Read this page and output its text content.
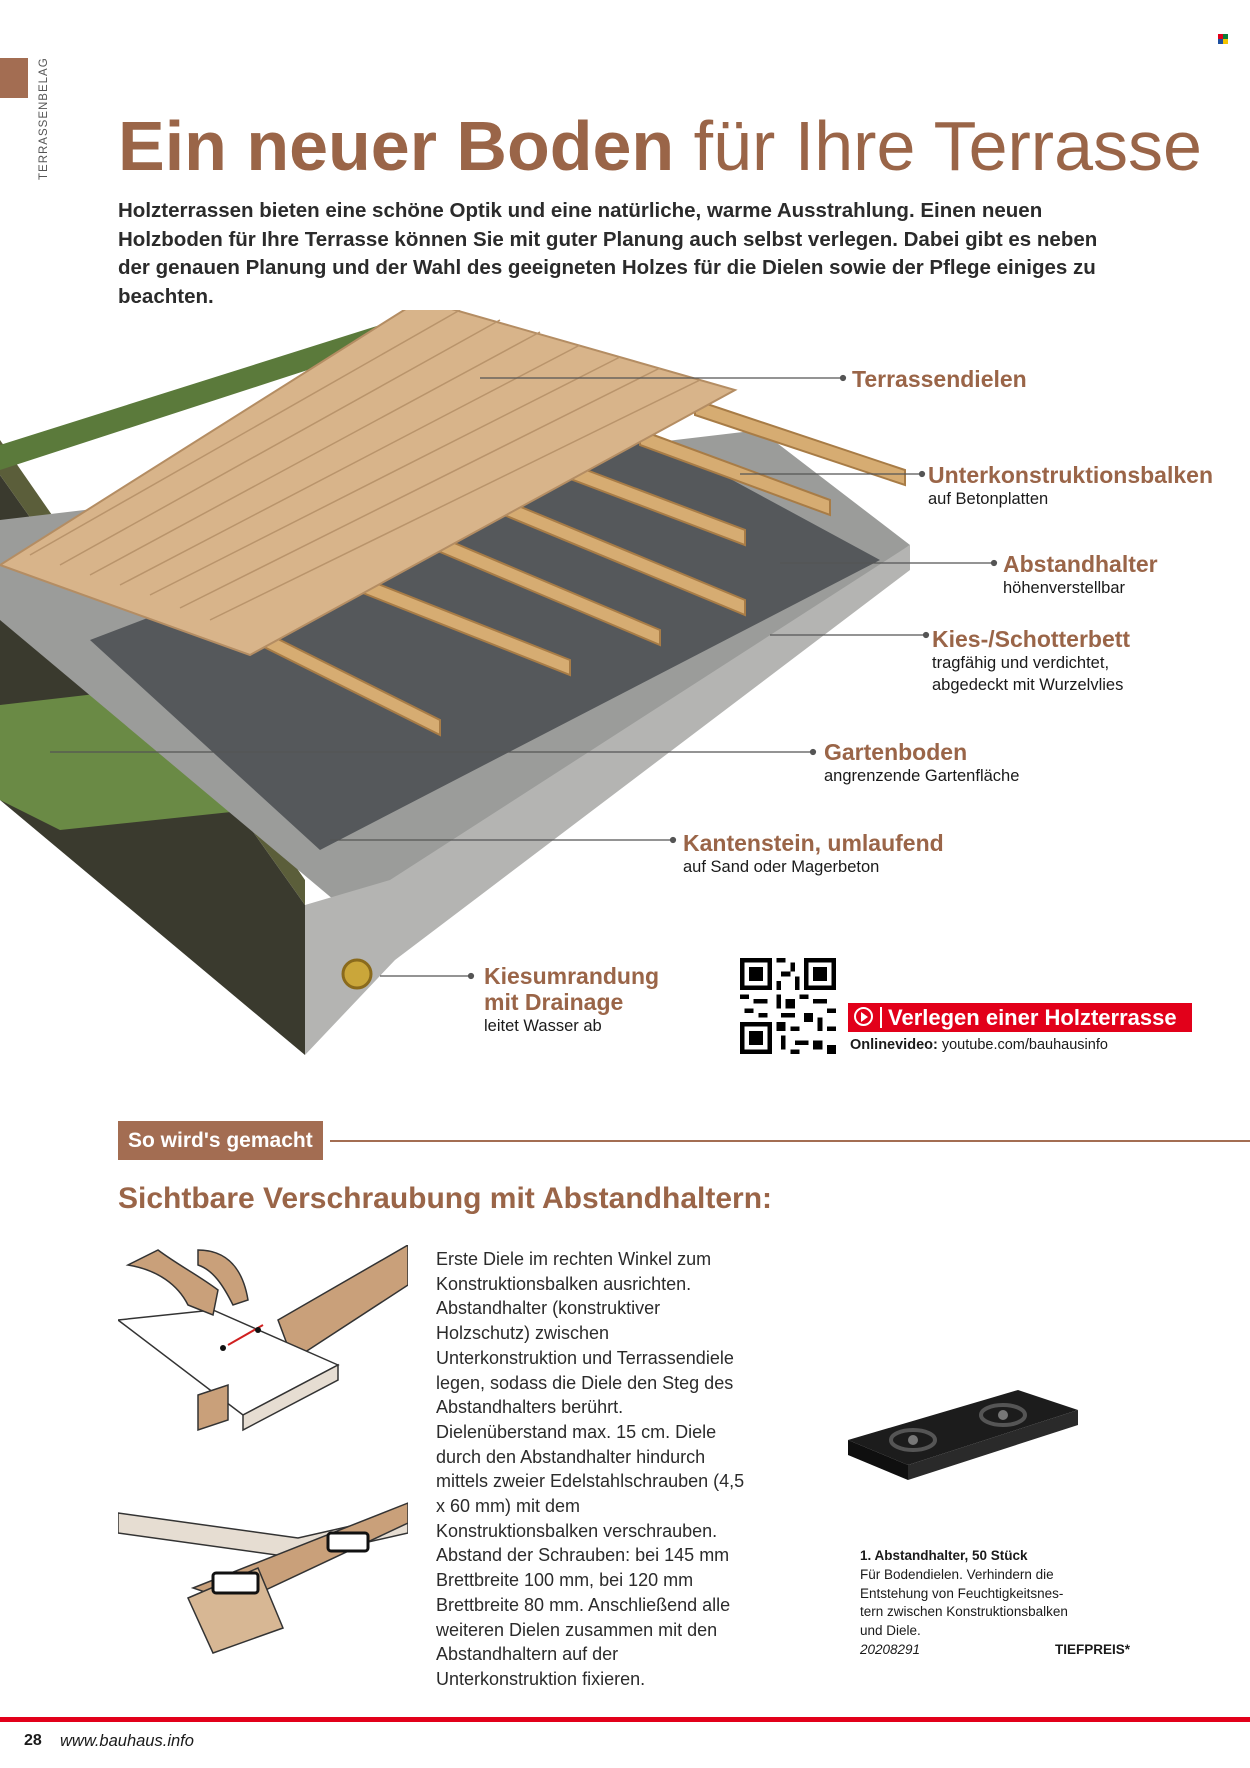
TERRASSENBELAG Ein neuer Boden für Ihre Terrasse
Holzterrassen bieten eine schöne Optik und eine natürliche, warme Ausstrahlung. Einen neuen Holzboden für Ihre Terrasse können Sie mit guter Planung auch selbst verlegen. Dabei gibt es neben der genauen Planung und der Wahl des geeigneten Holzes für die Dielen sowie der Pflege einiges zu beachten.
Terrassendielen
Unterkonstruktionsbalken
auf Betonplatten
Abstandhalter
höhenverstellbar
Kies-/Schotterbett
tragfähig und verdichtet,
abgedeckt mit Wurzelvlies
Gartenboden
angrenzende Gartenfläche
Kantenstein, umlaufend
auf Sand oder Magerbeton
Kiesumrandung
mit Drainage
leitet Wasser ab	Verlegen einer Holzterrasse
Onlinevideo: youtube.com/bauhausinfo
So wird's gemacht
Sichtbare Verschraubung mit Abstandhaltern:
Erste Diele im rechten Winkel zum Konstruktionsbalken ausrichten. Abstandhalter (konstruktiver Holzschutz) zwischen Unterkonstruktion und Terrassendiele legen, sodass die Diele den Steg des Abstandhalters berührt. Dielenüberstand max. 15 cm. Diele durch den Abstandhalter hindurch mittels zweier Edelstahlschrauben (4,5 x 60 mm) mit dem Konstruktionsbalken verschrauben. Abstand der Schrauben: bei 145 mm Brettbreite 100 mm, bei 120 mm Brettbreite 80 mm. Anschließend alle weiteren Dielen zusammen mit den Abstandhaltern auf der Unterkonstruktion fixieren.
1. Abstandhalter, 50 Stück
Für Bodendielen. Verhindern die
Entstehung von Feuchtigkeitsnes-
tern zwischen Konstruktionsbalken
und Diele.
20208291	TIEFPREIS*
28 www.bauhaus.info
